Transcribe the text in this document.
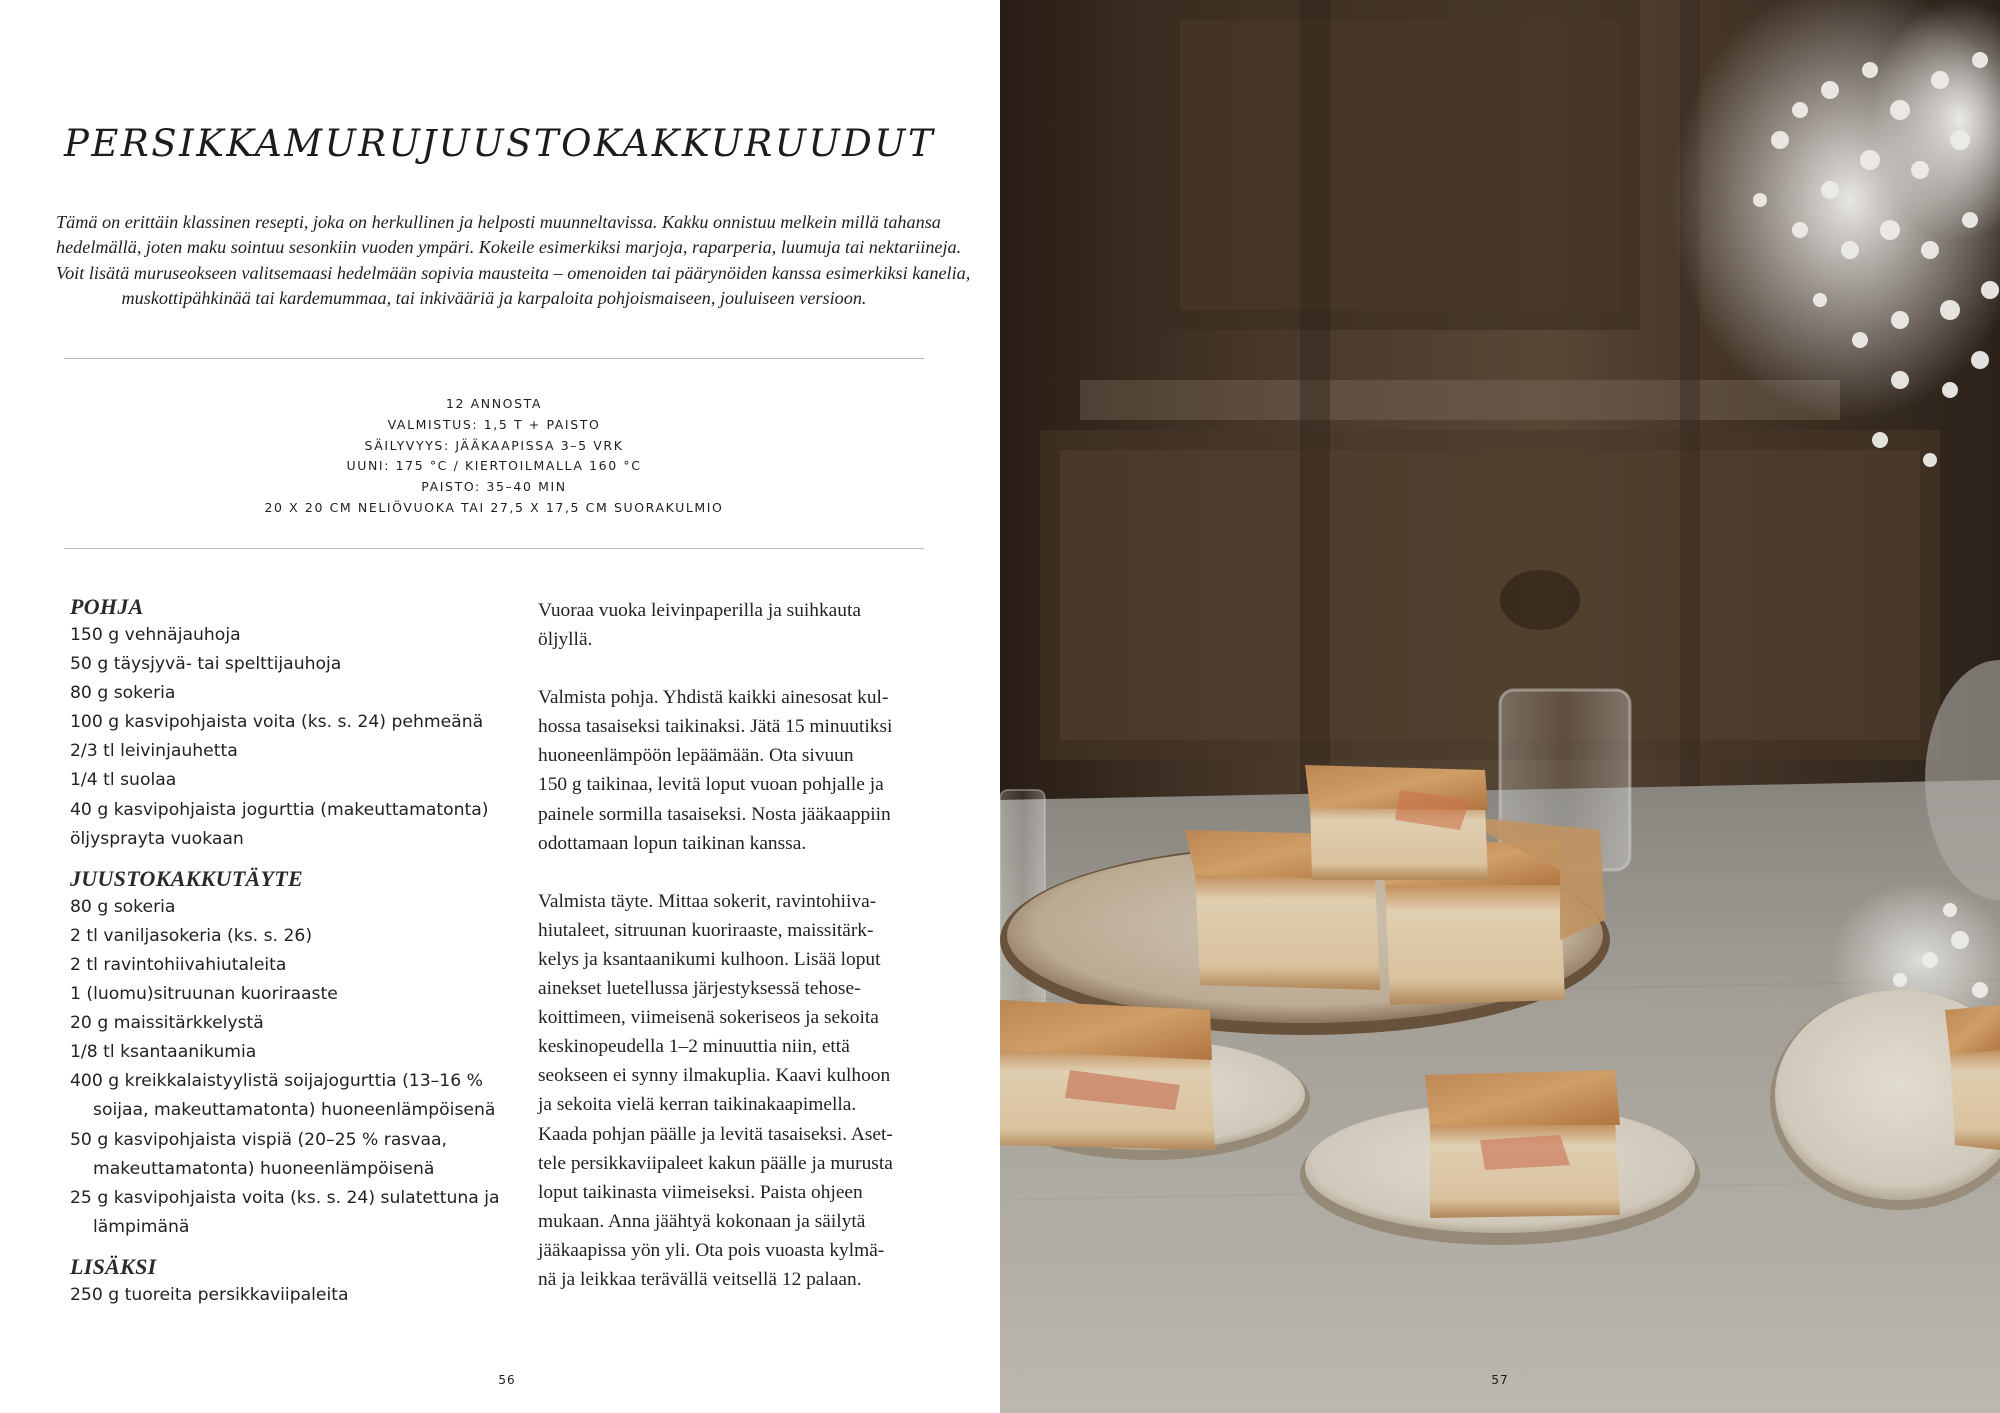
PERSIKKAMURUJUUSTOKAKKURUUDUT

Tämä on erittäin klassinen resepti, joka on herkullinen ja helposti muunneltavissa. Kakku onnistuu melkein millä tahansa
hedelmällä, joten maku sointuu sesonkiin vuoden ympäri. Kokeile esimerkiksi marjoja, raparperia, luumuja tai nektariineja.
Voit lisätä muruseokseen valitsemaasi hedelmään sopivia mausteita – omenoiden tai päärynöiden kanssa esimerkiksi kanelia,
muskottipähkinää tai kardemummaa, tai inkivääriä ja karpaloita pohjoismaiseen, jouluiseen versioon.

12 ANNOSTA
VALMISTUS: 1,5 T + PAISTO
SÄILYVYYS: JÄÄKAAPISSA 3–5 VRK
UUNI: 175 °C / KIERTOILMALLA 160 °C
PAISTO: 35–40 MIN
20 X 20 CM NELIÖVUOKA TAI 27,5 X 17,5 CM SUORAKULMIO
POHJA
150 g vehnäjauhoja
50 g täysjyvä- tai spelttijauhoja
80 g sokeria
100 g kasvipohjaista voita (ks. s. 24) pehmeänä
2/3 tl leivinjauhetta
1/4 tl suolaa
40 g kasvipohjaista jogurttia (makeuttamatonta)
öljysprayta vuokaan
JUUSTOKAKKUTÄYTE
80 g sokeria
2 tl vaniljasokeria (ks. s. 26)
2 tl ravintohiivahiutaleita
1 (luomu)sitruunan kuoriraaste
20 g maissitärkkelystä
1/8 tl ksantaanikumia
400 g kreikkalaistyylistä soijajogurttia (13–16 % soijaa, makeuttamatonta) huoneenlämpöisenä
50 g kasvipohjaista vispiä (20–25 % rasvaa, makeuttamatonta) huoneenlämpöisenä
25 g kasvipohjaista voita (ks. s. 24) sulatettuna ja lämpimänä
LISÄKSI
250 g tuoreita persikkaviipaleita

Vuoraa vuoka leivinpaperilla ja suihkauta
öljyllä.

Valmista pohja. Yhdistä kaikki ainesosat kul-
hossa tasaiseksi taikinaksi. Jätä 15 minuutiksi
huoneenlämpöön lepäämään. Ota sivuun
150 g taikinaa, levitä loput vuoan pohjalle ja
painele sormilla tasaiseksi. Nosta jääkaappiin
odottamaan lopun taikinan kanssa.

Valmista täyte. Mittaa sokerit, ravintohiiva-
hiutaleet, sitruunan kuoriraaste, maissitärk-
kelys ja ksantaanikumi kulhoon. Lisää loput
ainekset luetellussa järjestyksessä tehose-
koittimeen, viimeisenä sokeriseos ja sekoita
keskinopeudella 1–2 minuuttia niin, että
seokseen ei synny ilmakuplia. Kaavi kulhoon
ja sekoita vielä kerran taikinakaapimella.
Kaada pohjan päälle ja levitä tasaiseksi. Aset-
tele persikkaviipaleet kakun päälle ja murusta
loput taikinasta viimeiseksi. Paista ohjeen
mukaan. Anna jäähtyä kokonaan ja säilytä
jääkaapissa yön yli. Ota pois vuoasta kylmä-
nä ja leikkaa terävällä veitsellä 12 palaan.

56	57
